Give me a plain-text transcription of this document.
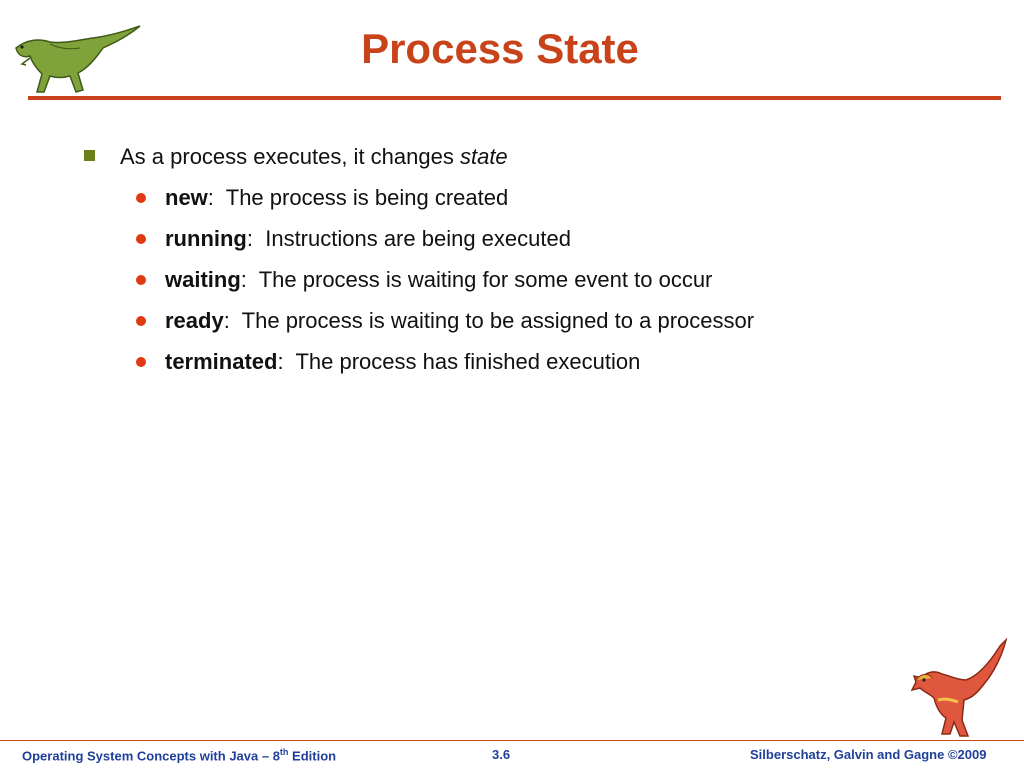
Process State
As a process executes, it changes state
new:  The process is being created
running:  Instructions are being executed
waiting:  The process is waiting for some event to occur
ready:  The process is waiting to be assigned to a processor
terminated:  The process has finished execution
Operating System Concepts with Java – 8th Edition	3.6	Silberschatz, Galvin and Gagne ©2009
